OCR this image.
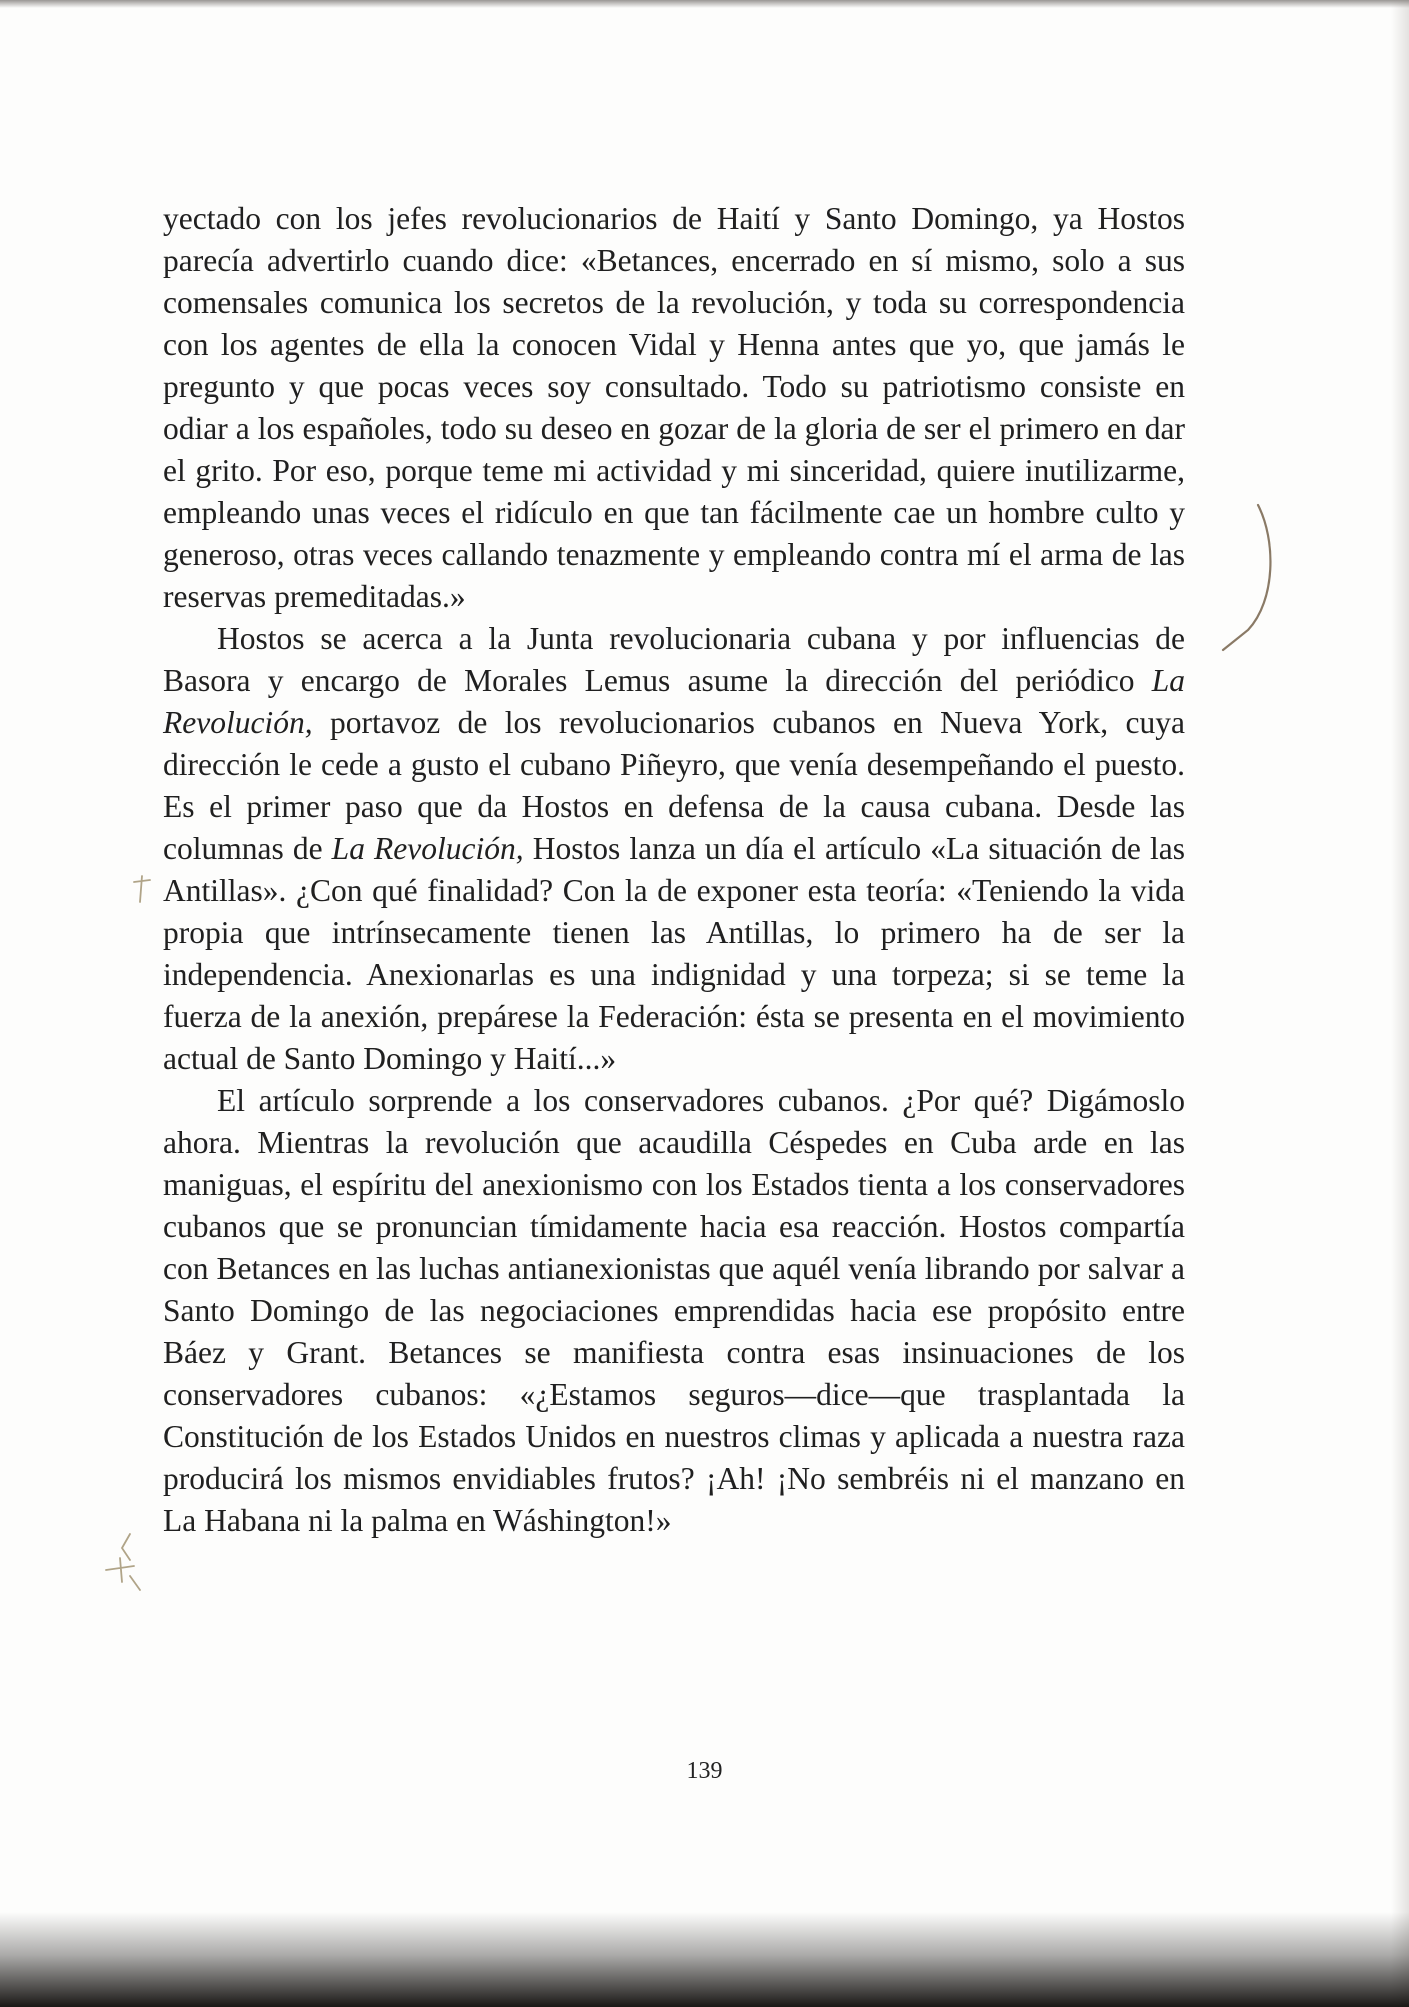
yectado con los jefes revolucionarios de Haití y Santo Domingo, ya Hostos parecía advertirlo cuando dice: «Betances, encerrado en sí mismo, solo a sus comensales comunica los secretos de la revolución, y toda su correspondencia con los agentes de ella la conocen Vidal y Henna antes que yo, que jamás le pregunto y que pocas veces soy consultado. Todo su patriotismo consiste en odiar a los españoles, todo su deseo en gozar de la gloria de ser el primero en dar el grito. Por eso, porque teme mi actividad y mi sinceridad, quiere inutilizarme, empleando unas veces el ridículo en que tan fácilmente cae un hombre culto y generoso, otras veces callando tenazmente y empleando contra mí el arma de las reservas premeditadas.»

Hostos se acerca a la Junta revolucionaria cubana y por influencias de Basora y encargo de Morales Lemus asume la dirección del periódico La Revolución, portavoz de los revolucionarios cubanos en Nueva York, cuya dirección le cede a gusto el cubano Piñeyro, que venía desempeñando el puesto. Es el primer paso que da Hostos en defensa de la causa cubana. Desde las columnas de La Revolución, Hostos lanza un día el artículo «La situación de las Antillas». ¿Con qué finalidad? Con la de exponer esta teoría: «Teniendo la vida propia que intrínsecamente tienen las Antillas, lo primero ha de ser la independencia. Anexionarlas es una indignidad y una torpeza; si se teme la fuerza de la anexión, prepárese la Federación: ésta se presenta en el movimiento actual de Santo Domingo y Haití...»

El artículo sorprende a los conservadores cubanos. ¿Por qué? Digámoslo ahora. Mientras la revolución que acaudilla Céspedes en Cuba arde en las maniguas, el espíritu del anexionismo con los Estados tienta a los conservadores cubanos que se pronuncian tímidamente hacia esa reacción. Hostos compartía con Betances en las luchas antianexionistas que aquél venía librando por salvar a Santo Domingo de las negociaciones emprendidas hacia ese propósito entre Báez y Grant. Betances se manifiesta contra esas insinuaciones de los conservadores cubanos: «¿Estamos seguros—dice—que trasplantada la Constitución de los Estados Unidos en nuestros climas y aplicada a nuestra raza producirá los mismos envidiables frutos? ¡Ah! ¡No sembréis ni el manzano en La Habana ni la palma en Wáshington!»

139
